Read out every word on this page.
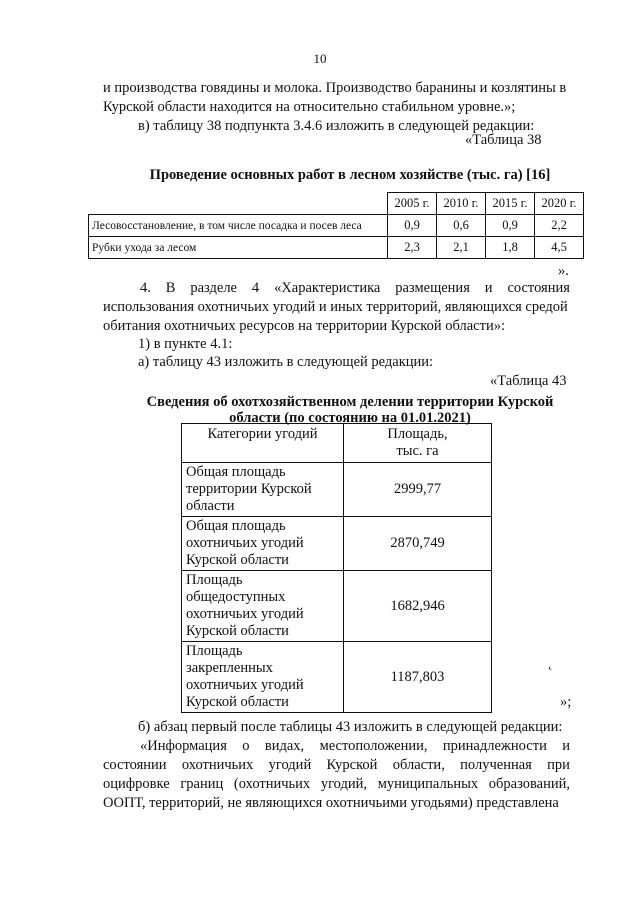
10
и производства говядины и молока. Производство баранины и козлятины в
Курской области находится на относительно стабильном уровне.»;
в) таблицу 38 подпункта 3.4.6 изложить в следующей редакции:
«Таблица 38
Проведение основных работ в лесном хозяйстве (тыс. га) [16]
	2005 г.	2010 г.	2015 г.	2020 г.
Лесовосстановление, в том числе посадка и посев леса	0,9	0,6	0,9	2,2
Рубки ухода за лесом	2,3	2,1	1,8	4,5
».
4. В разделе 4 «Характеристика размещения и состояния
использования охотничьих угодий и иных территорий, являющихся средой
обитания охотничьих ресурсов на территории Курской области»:
1) в пункте 4.1:
а) таблицу 43 изложить в следующей редакции:
«Таблица 43
Сведения об охотхозяйственном делении территории Курской
области (по состоянию на 01.01.2021)
Категории угодий	Площадь,
тыс. га

Общая площадь
территории Курской
области	2999,77

Общая площадь
охотничьих угодий
Курской области	2870,749

Площадь
общедоступных
охотничьих угодий
Курской области	1682,946

Площадь
закрепленных
охотничьих угодий
Курской области	1187,803
˛
»;
б) абзац первый после таблицы 43 изложить в следующей редакции:
«Информация о видах, местоположении, принадлежности и
состоянии охотничьих угодий Курской области, полученная при
оцифровке границ (охотничьих угодий, муниципальных образований,
ООПТ, территорий, не являющихся охотничьими угодьями) представлена
